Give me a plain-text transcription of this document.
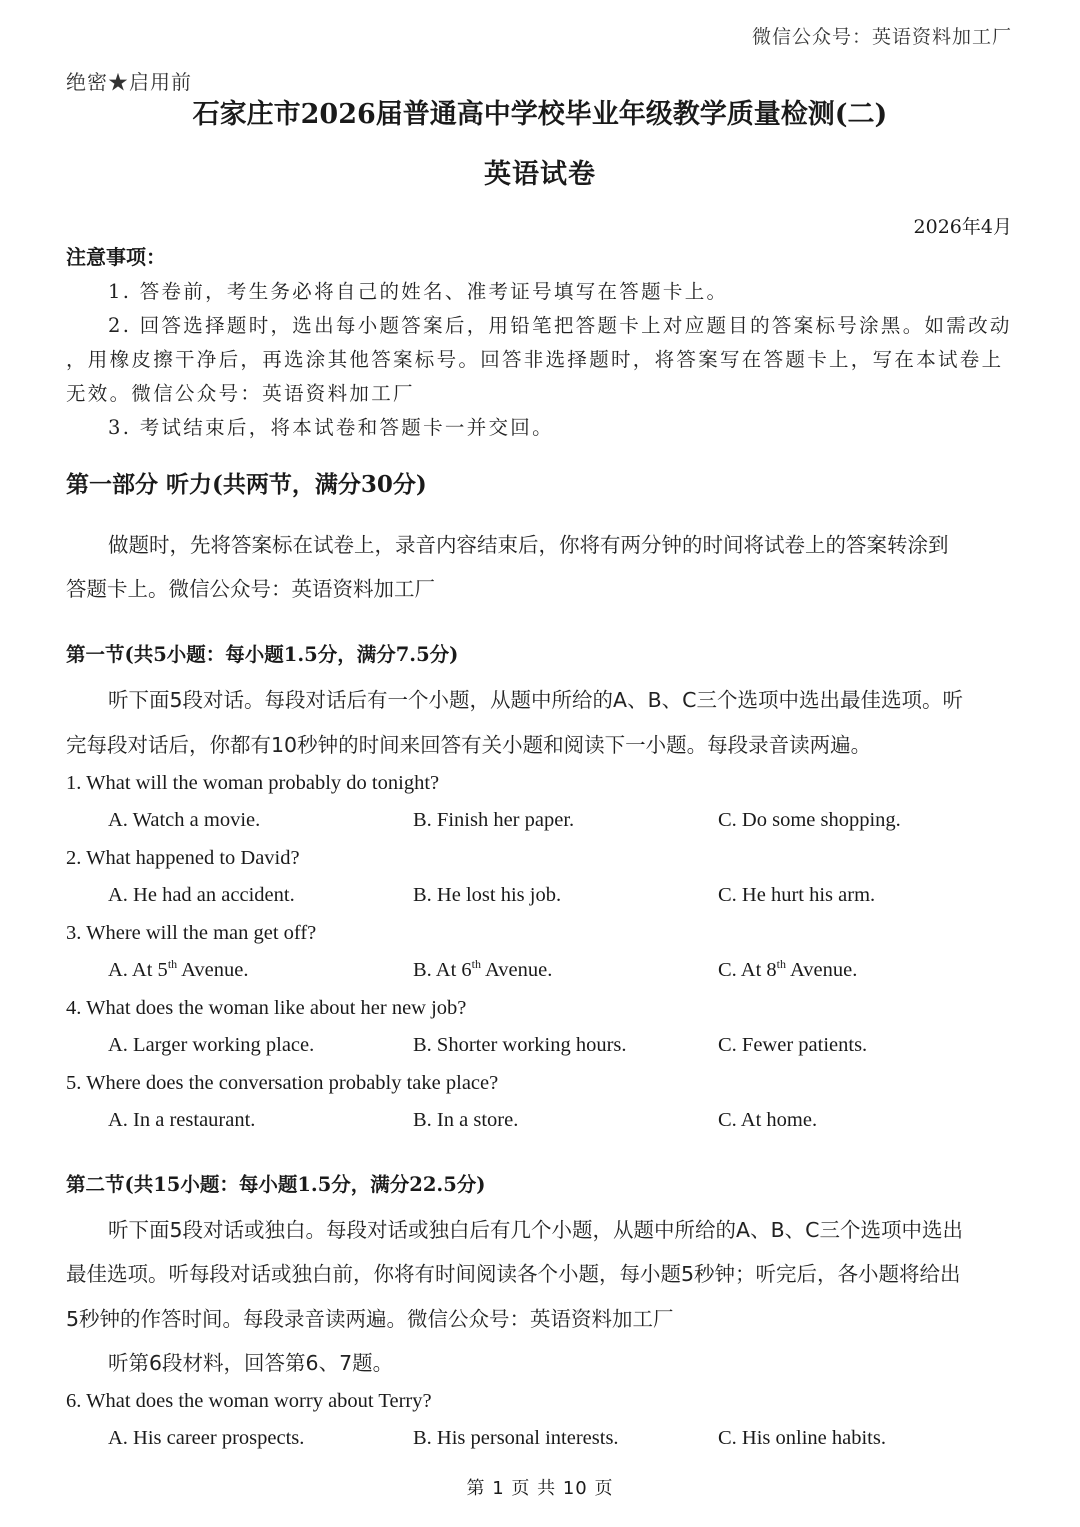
微信公众号：英语资料加工厂
绝密★启用前
石家庄市2026届普通高中学校毕业年级教学质量检测(二)
英语试卷
2026年4月
注意事项：
1. 答卷前，考生务必将自己的姓名、准考证号填写在答题卡上。
2. 回答选择题时，选出每小题答案后，用铅笔把答题卡上对应题目的答案标号涂黑。如需改动
，用橡皮擦干净后，再选涂其他答案标号。回答非选择题时，将答案写在答题卡上，写在本试卷上
无效。微信公众号：英语资料加工厂
3. 考试结束后，将本试卷和答题卡一并交回。
第一部分 听力(共两节，满分30分)
做题时，先将答案标在试卷上，录音内容结束后，你将有两分钟的时间将试卷上的答案转涂到
答题卡上。微信公众号：英语资料加工厂
第一节(共5小题：每小题1.5分，满分7.5分)
听下面5段对话。每段对话后有一个小题，从题中所给的A、B、C三个选项中选出最佳选项。听
完每段对话后，你都有10秒钟的时间来回答有关小题和阅读下一小题。每段录音读两遍。
1. What will the woman probably do tonight?
A. Watch a movie.	B. Finish her paper.	C. Do some shopping.
2. What happened to David?
A. He had an accident.	B. He lost his job.	C. He hurt his arm.
3. Where will the man get off?
A. At 5th Avenue.	B. At 6th Avenue.	C. At 8th Avenue.
4. What does the woman like about her new job?
A. Larger working place.	B. Shorter working hours.	C. Fewer patients.
5. Where does the conversation probably take place?
A. In a restaurant.	B. In a store.	C. At home.
第二节(共15小题：每小题1.5分，满分22.5分)
听下面5段对话或独白。每段对话或独白后有几个小题，从题中所给的A、B、C三个选项中选出
最佳选项。听每段对话或独白前，你将有时间阅读各个小题，每小题5秒钟；听完后，各小题将给出
5秒钟的作答时间。每段录音读两遍。微信公众号：英语资料加工厂
听第6段材料，回答第6、7题。
6. What does the woman worry about Terry?
A. His career prospects.	B. His personal interests.	C. His online habits.
第 1 页 共 10 页
